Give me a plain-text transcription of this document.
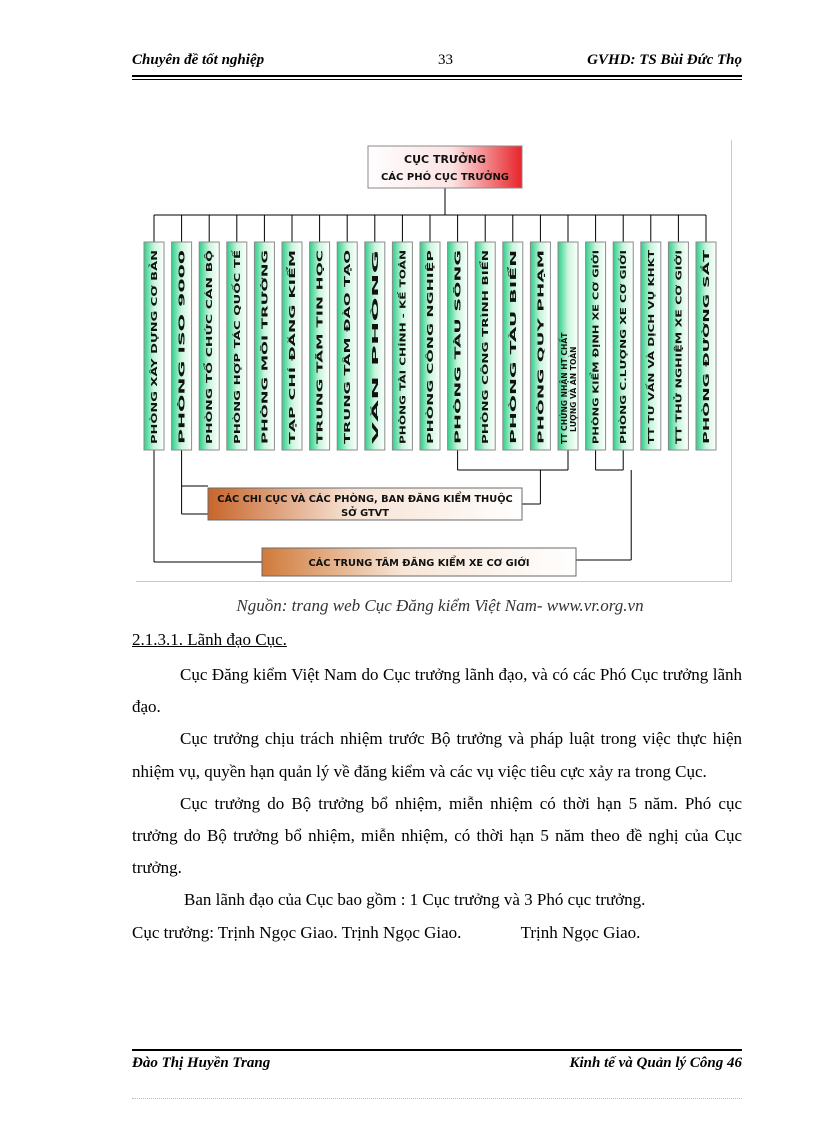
Chuyên đề tốt nghiệp	33	GVHD: TS Bùi Đức Thọ
CỤC TRƯỞNG
CÁC PHÓ CỤC TRƯỞNG
PHÒNG XÂY DỰNG CƠ BẢN PHÒNG ISO 9000 PHÒNG TỔ CHỨC CÁN BỘ PHÒNG HỢP TÁC QUỐC TẾ PHÒNG MÔI TRƯỜNG TẠP CHÍ ĐĂNG KIỂM TRUNG TÂM TIN HỌC TRUNG TÂM ĐÀO TẠO VĂN PHÒNG PHÒNG TÀI CHÍNH - KẾ TOÁN PHÒNG CÔNG NGHIỆP PHÒNG TÀU SÔNG PHÒNG CÔNG TRÌNH BIỂN PHÒNG TÀU BIỂN PHÒNG QUY PHẠM TT CHỨNG NHẬN HT CHẤT LƯỢNG VÀ AN TOÀN PHÒNG KIỂM ĐỊNH XE CƠ GIỚI PHÒNG C.LƯỢNG XE CƠ GIỚI TT TƯ VẤN VÀ DỊCH VỤ KHKT TT THỬ NGHIỆM XE CƠ GIỚI PHÒNG ĐƯỜNG SẮT
CÁC CHI CỤC VÀ CÁC PHÒNG, BAN ĐĂNG KIỂM THUỘC
SỞ GTVT
CÁC TRUNG TÂM ĐĂNG KIỂM XE CƠ GIỚI
Nguồn: trang web Cục Đăng kiểm Việt Nam- www.vr.org.vn
2.1.3.1. Lãnh đạo Cục.

Cục Đăng kiểm Việt Nam do Cục trưởng lãnh đạo, và có các Phó Cục trưởng lãnh đạo.

Cục trưởng chịu trách nhiệm trước Bộ trưởng và pháp luật trong việc thực hiện nhiệm vụ, quyền hạn quản lý về đăng kiểm và các vụ việc tiêu cực xảy ra trong Cục.

Cục trưởng do Bộ trưởng bổ nhiệm, miễn nhiệm có thời hạn 5 năm. Phó cục trưởng do Bộ trưởng bổ nhiệm, miễn nhiệm, có thời hạn 5 năm theo đề nghị của Cục trưởng.

Ban lãnh đạo của Cục bao gồm : 1 Cục trưởng và 3 Phó cục trưởng.

Cục trưởng: Trịnh Ngọc Giao. Trịnh Ngọc Giao.              Trịnh Ngọc Giao.

Đào Thị Huyền Trang	Kinh tế và Quản lý Công 46
